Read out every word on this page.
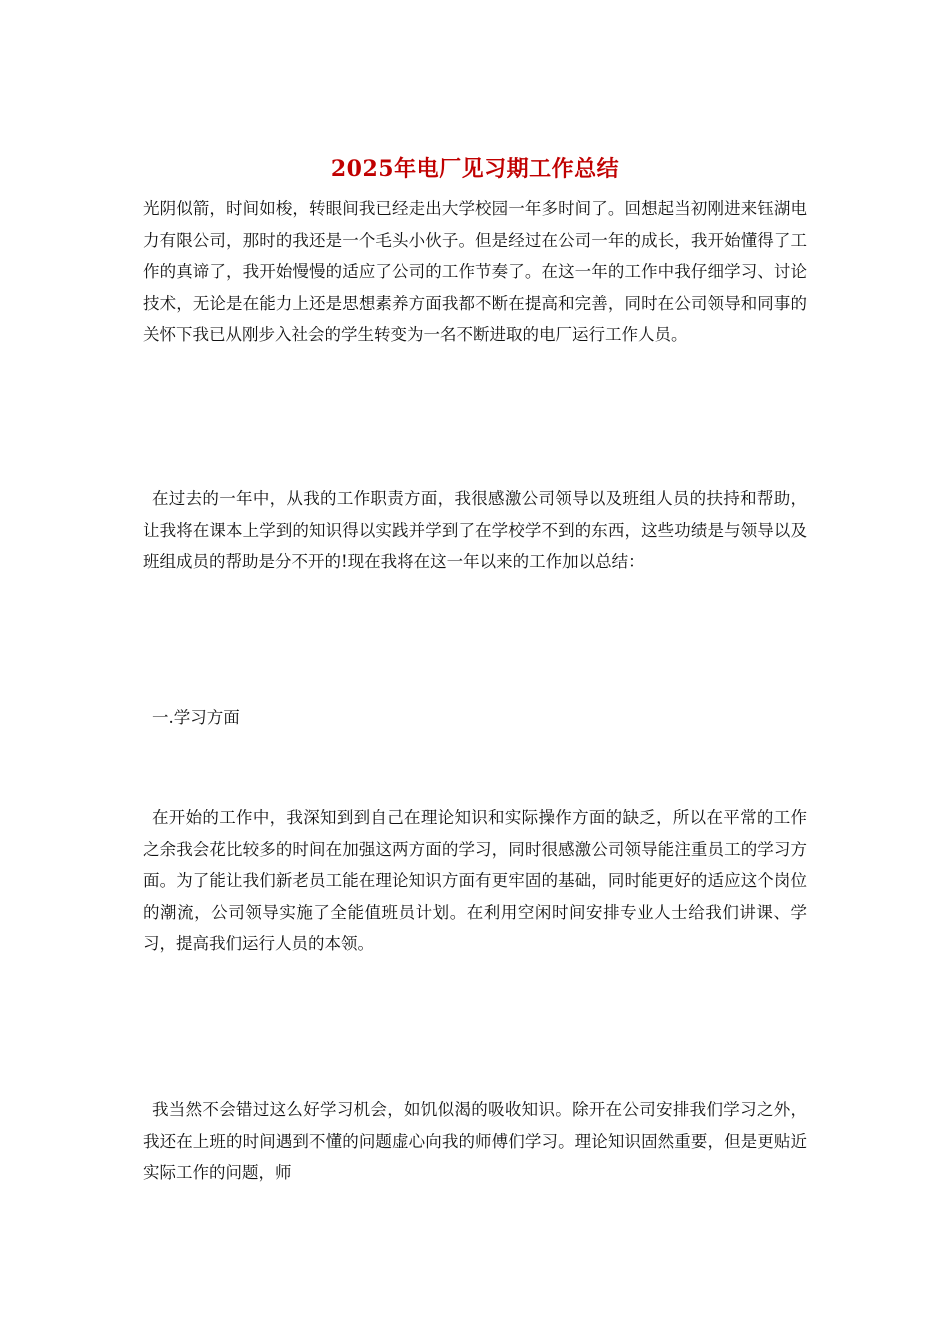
2025年电厂见习期工作总结

光阴似箭，时间如梭，转眼间我已经走出大学校园一年多时间了。回想起当初刚进来钰湖电力有限公司，那时的我还是一个毛头小伙子。但是经过在公司一年的成长，我开始懂得了工作的真谛了，我开始慢慢的适应了公司的工作节奏了。在这一年的工作中我仔细学习、讨论技术，无论是在能力上还是思想素养方面我都不断在提高和完善，同时在公司领导和同事的关怀下我已从刚步入社会的学生转变为一名不断进取的电厂运行工作人员。

在过去的一年中，从我的工作职责方面，我很感激公司领导以及班组人员的扶持和帮助，让我将在课本上学到的知识得以实践并学到了在学校学不到的东西，这些功绩是与领导以及班组成员的帮助是分不开的!现在我将在这一年以来的工作加以总结：

一.学习方面

在开始的工作中，我深知到到自己在理论知识和实际操作方面的缺乏，所以在平常的工作之余我会花比较多的时间在加强这两方面的学习，同时很感激公司领导能注重员工的学习方面。为了能让我们新老员工能在理论知识方面有更牢固的基础，同时能更好的适应这个岗位的潮流，公司领导实施了全能值班员计划。在利用空闲时间安排专业人士给我们讲课、学习，提高我们运行人员的本领。

我当然不会错过这么好学习机会，如饥似渴的吸收知识。除开在公司安排我们学习之外，我还在上班的时间遇到不懂的问题虚心向我的师傅们学习。理论知识固然重要，但是更贴近实际工作的问题，师
